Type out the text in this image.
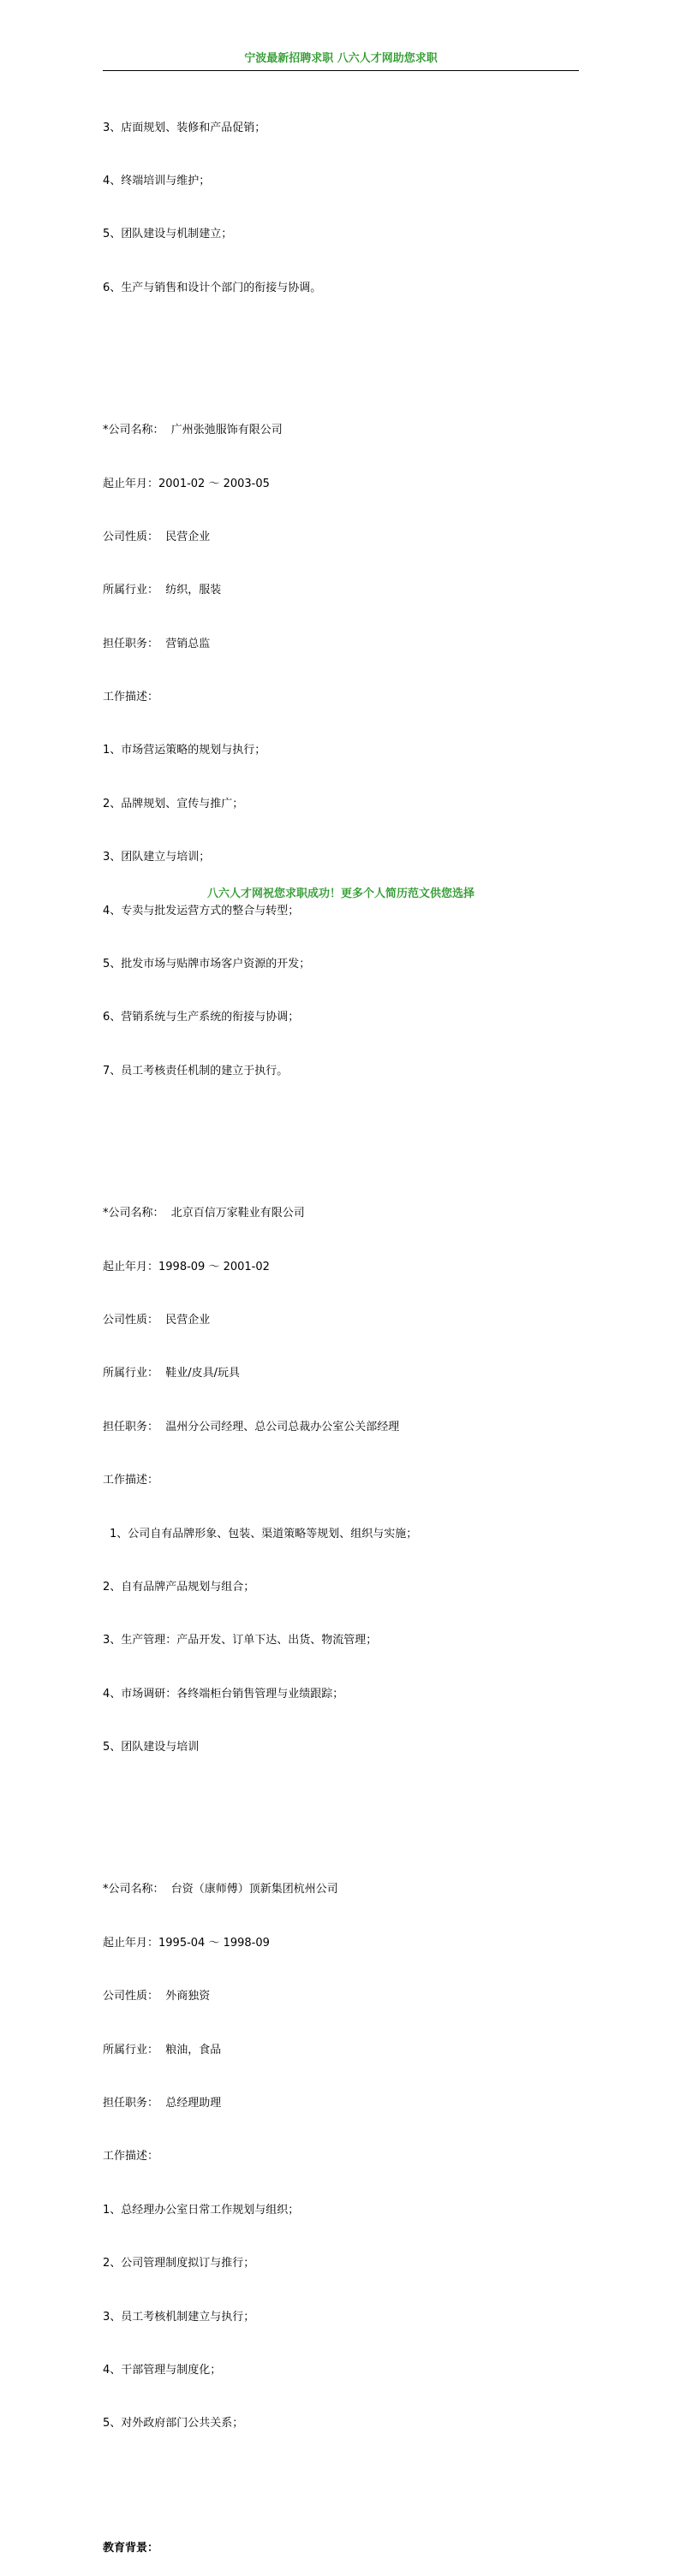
宁波最新招聘求职 八六人才网助您求职

3、店面规划、装修和产品促销；

4、终端培训与维护；

5、团队建设与机制建立；

6、生产与销售和设计个部门的衔接与协调。

*公司名称：  广州张弛服饰有限公司

起止年月：2001-02 ～ 2003-05

公司性质：  民营企业

所属行业：  纺织，服装

担任职务：  营销总监

工作描述：

1、市场营运策略的规划与执行；

2、品牌规划、宣传与推广；

3、团队建立与培训；

4、专卖与批发运营方式的整合与转型；

5、批发市场与贴牌市场客户资源的开发；

6、营销系统与生产系统的衔接与协调；

7、员工考核责任机制的建立于执行。

*公司名称：  北京百信万家鞋业有限公司

起止年月：1998-09 ～ 2001-02

公司性质：  民营企业

所属行业：  鞋业/皮具/玩具

担任职务：  温州分公司经理、总公司总裁办公室公关部经理

工作描述：

1、公司自有品牌形象、包装、渠道策略等规划、组织与实施；

2、自有品牌产品规划与组合；

3、生产管理：产品开发、订单下达、出货、物流管理；

4、市场调研：各终端柜台销售管理与业绩跟踪；

5、团队建设与培训

*公司名称：  台资（康师傅）顶新集团杭州公司

起止年月：1995-04 ～ 1998-09

公司性质：  外商独资

所属行业：  粮油，食品

担任职务：  总经理助理

工作描述：

1、总经理办公室日常工作规划与组织；

2、公司管理制度拟订与推行；

3、员工考核机制建立与执行；

4、干部管理与制度化；

5、对外政府部门公共关系；

教育背景：

八六人才网祝您求职成功！更多个人简历范文供您选择
